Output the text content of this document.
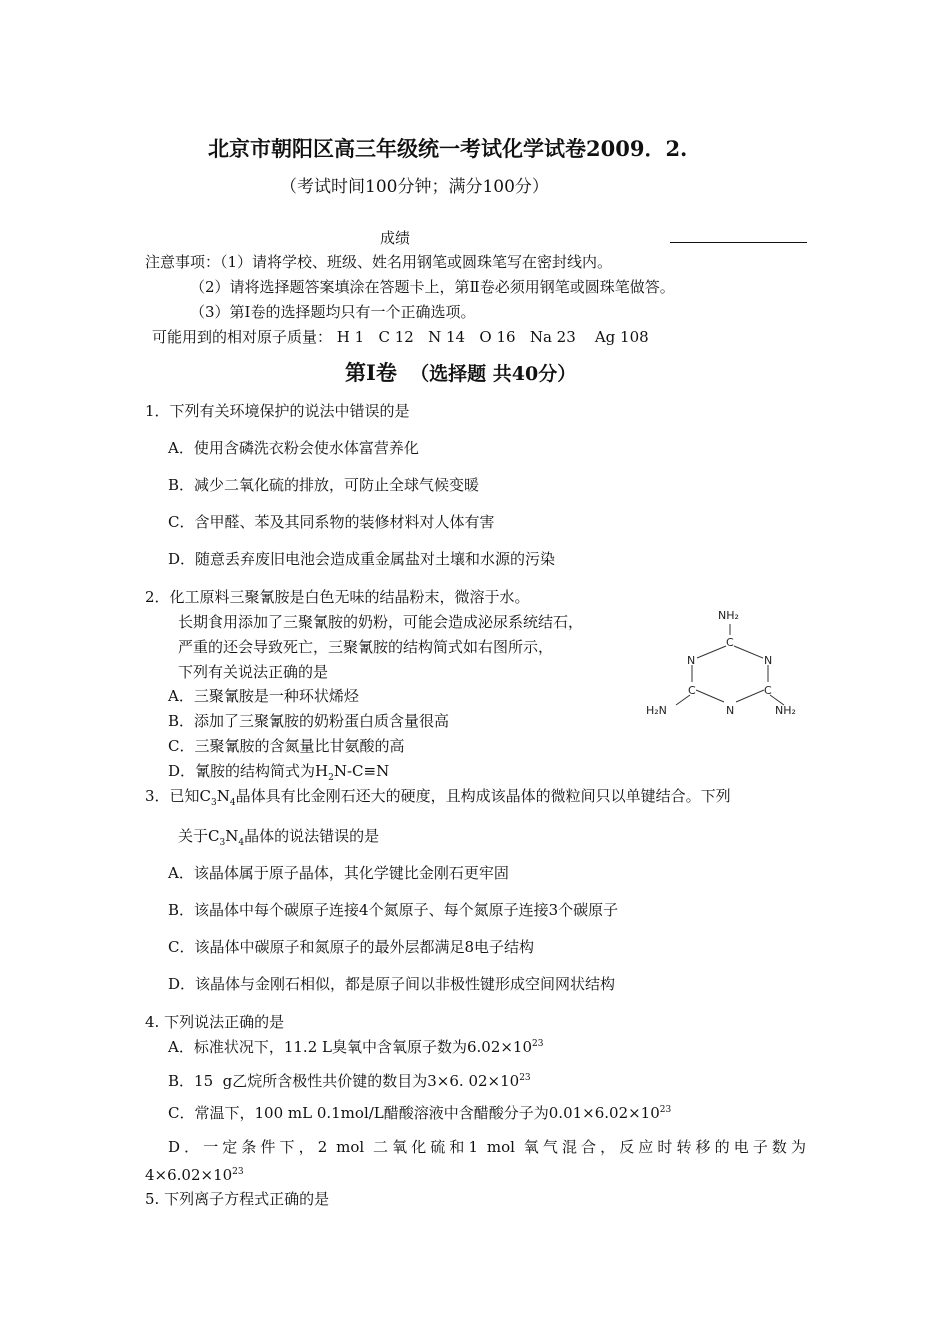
北京市朝阳区高三年级统一考试化学试卷2009．2.
（考试时间100分钟；满分100分）
成绩
注意事项：（1）请将学校、班级、姓名用钢笔或圆珠笔写在密封线内。
（2）请将选择题答案填涂在答题卡上，第Ⅱ卷必须用钢笔或圆珠笔做答。
（3）第Ⅰ卷的选择题均只有一个正确选项。
可能用到的相对原子质量： H 1   C 12   N 14   O 16   Na 23    Ag 108
第Ⅰ卷 （选择题 共40分）
1．下列有关环境保护的说法中错误的是
A．使用含磷洗衣粉会使水体富营养化
B．减少二氧化硫的排放，可防止全球气候变暖
C．含甲醛、苯及其同系物的装修材料对人体有害
D．随意丢弃废旧电池会造成重金属盐对土壤和水源的污染
2．化工原料三聚氰胺是白色无味的结晶粉末，微溶于水。
长期食用添加了三聚氰胺的奶粉，可能会造成泌尿系统结石，
严重的还会导致死亡，三聚氰胺的结构简式如右图所示，
下列有关说法正确的是
A．三聚氰胺是一种环状烯烃
B．添加了三聚氰胺的奶粉蛋白质含量很高
C．三聚氰胺的含氮量比甘氨酸的高
D．氰胺的结构简式为$H_2N-C\equiv N$
NH₂
C
N	N
C	C
N
H₂N	NH₂
3．已知$C_3N_4$晶体具有比金刚石还大的硬度，且构成该晶体的微粒间只以单键结合。下列
关于$C_3N_4$晶体的说法错误的是
A．该晶体属于原子晶体，其化学键比金刚石更牢固
B．该晶体中每个碳原子连接4个氮原子、每个氮原子连接3个碳原子
C．该晶体中碳原子和氮原子的最外层都满足8电子结构
D．该晶体与金刚石相似，都是原子间以非极性键形成空间网状结构
4. 下列说法正确的是
A．标准状况下，11.2 L臭氧中含氧原子数为$6.02\times 10^{23}$
B．15  g乙烷所含极性共价键的数目为3×6. $02\times 10^{23}$
C．常温下，100 mL 0.1mol/L醋酸溶液中含醋酸分子为$0.01\times 6.02\times 10^{23}$
D．一定条件下，2 mol 二氧化硫和1 mol 氧气混合，反应时转移的电子数为
$4\times 6.02\times 10^{23}$
5. 下列离子方程式正确的是
